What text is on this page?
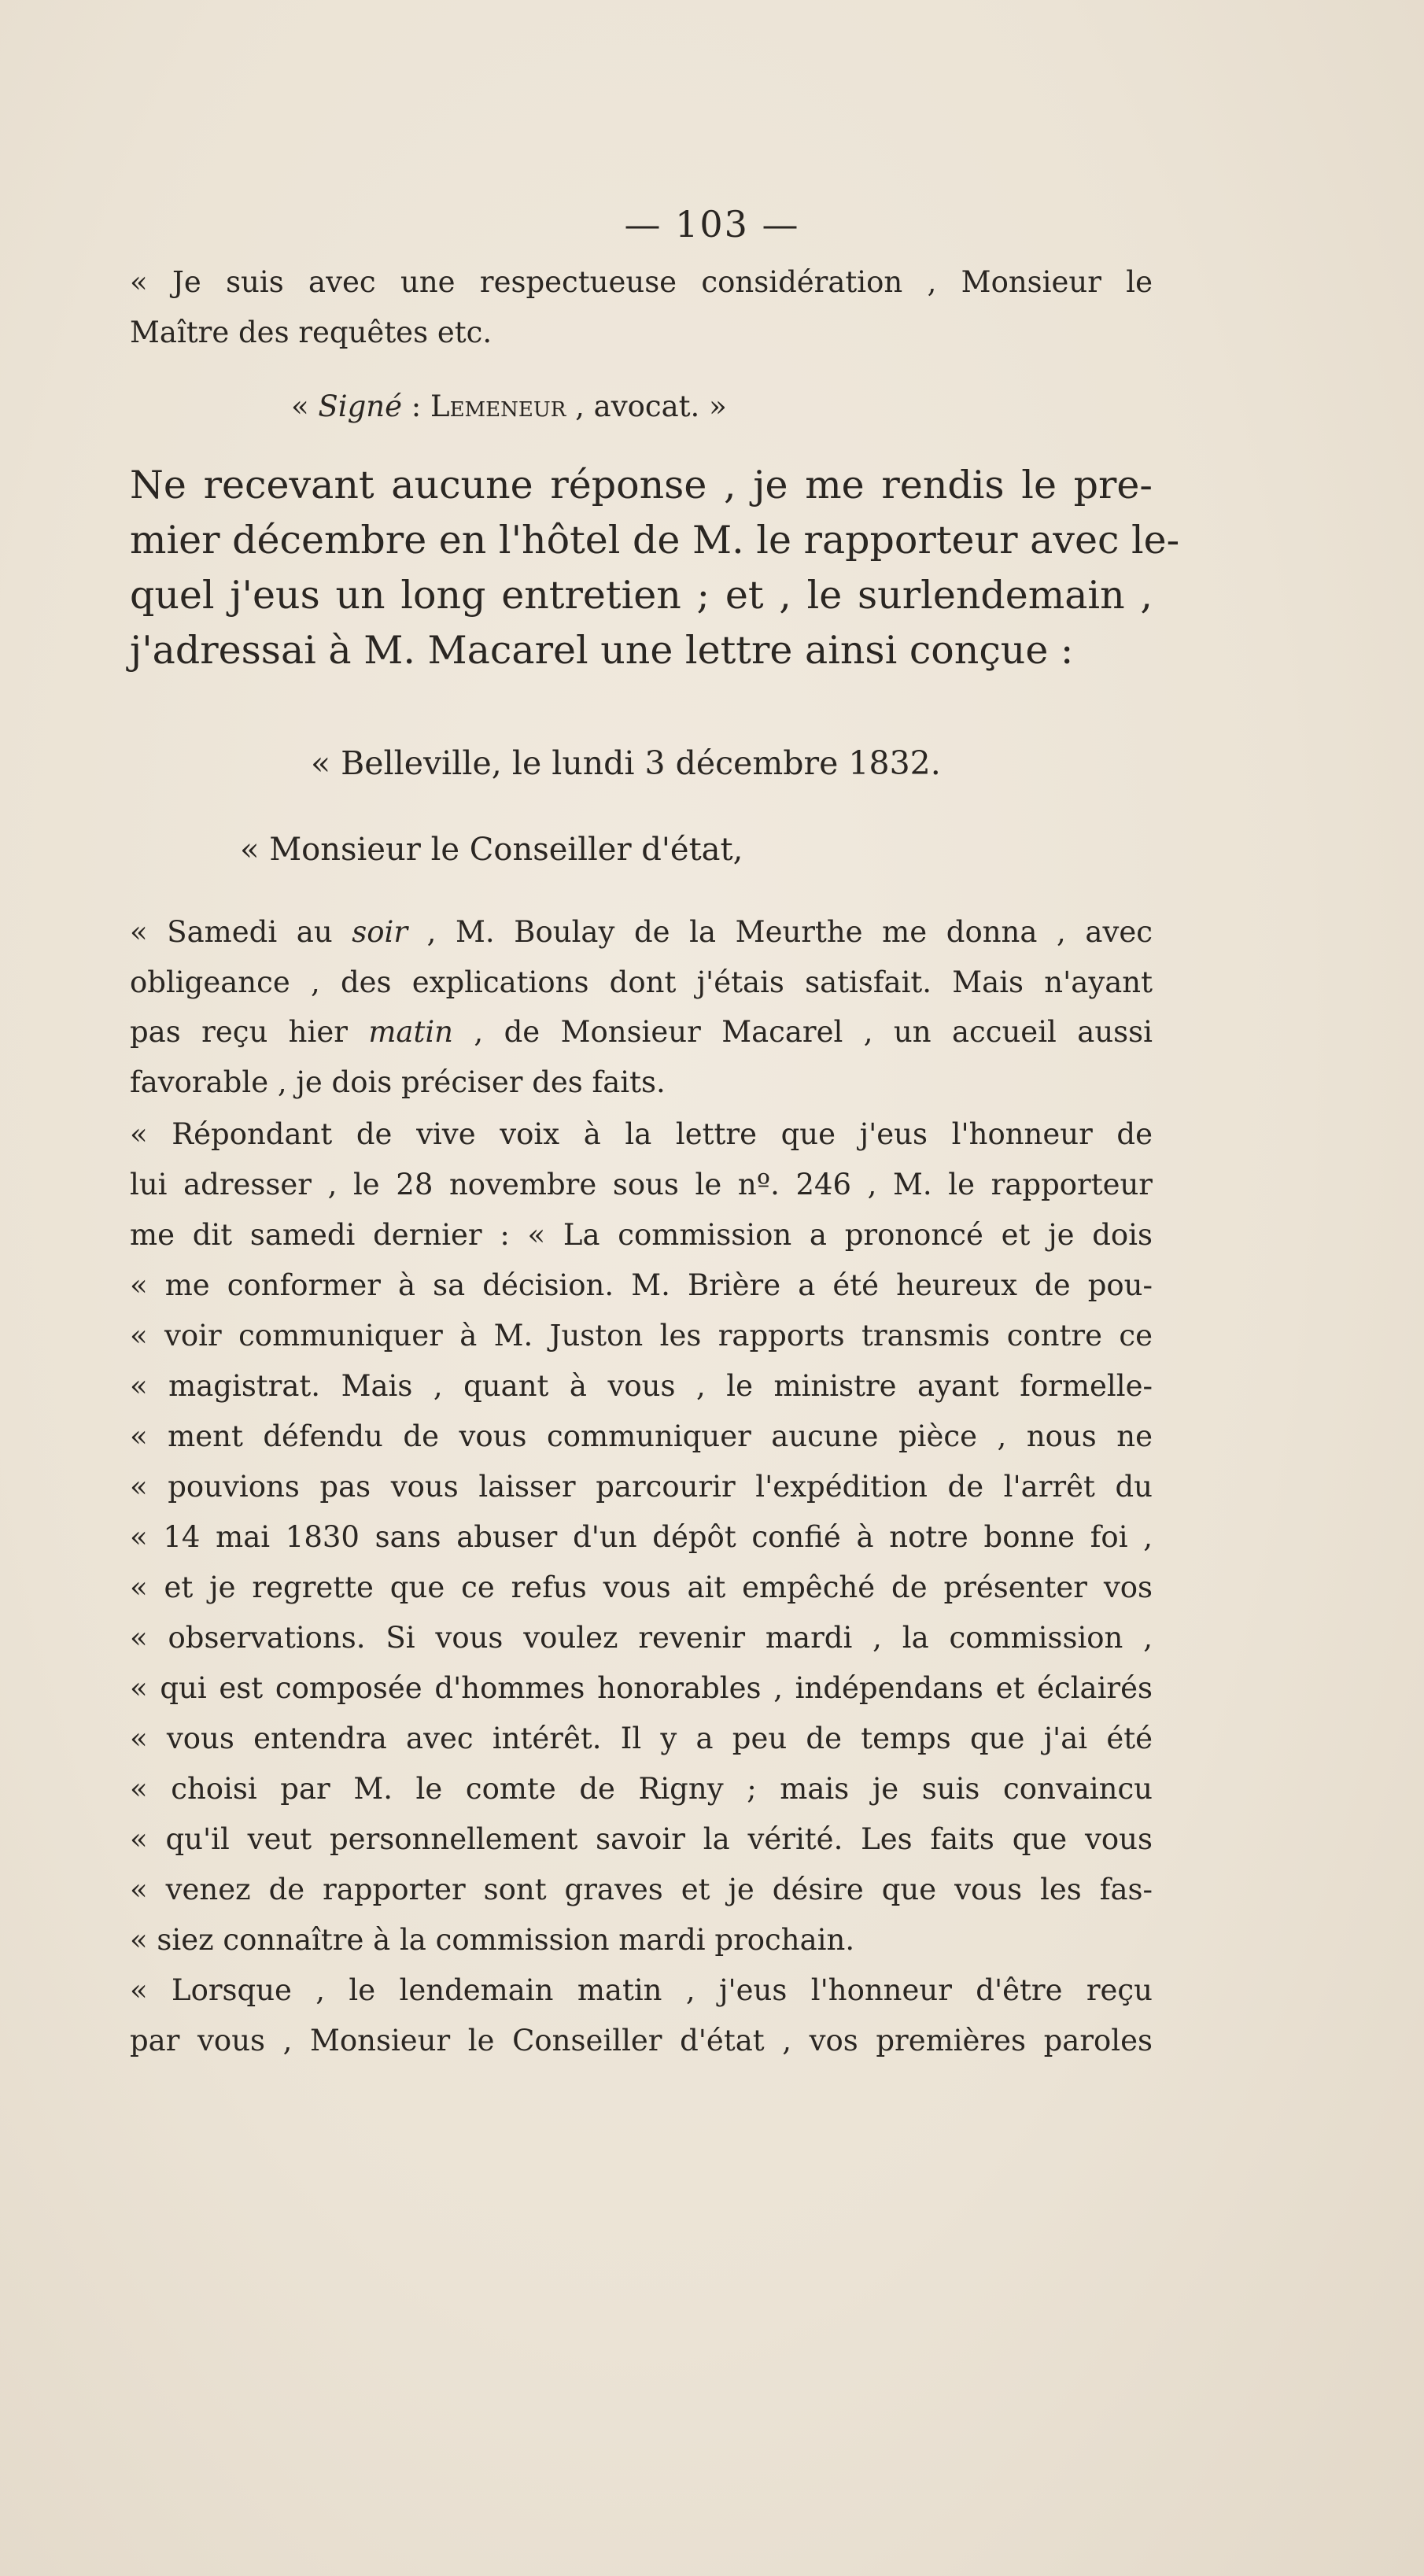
— 103 —
« Je suis avec une respectueuse considération , Monsieur le
Maître des requêtes etc.
« Signé : Lemeneur , avocat. »
Ne recevant aucune réponse , je me rendis le pre-
mier décembre en l'hôtel de M. le rapporteur avec le-
quel j'eus un long entretien ; et , le surlendemain ,
j'adressai à M. Macarel une lettre ainsi conçue :
« Belleville, le lundi 3 décembre 1832.
« Monsieur le Conseiller d'état,
« Samedi au soir , M. Boulay de la Meurthe me donna , avec
obligeance , des explications dont j'étais satisfait. Mais n'ayant
pas reçu hier matin , de Monsieur Macarel , un accueil aussi
favorable , je dois préciser des faits.
« Répondant de vive voix à la lettre que j'eus l'honneur de
lui adresser , le 28 novembre sous le nº. 246 , M. le rapporteur
me dit samedi dernier : « La commission a prononcé et je dois
« me conformer à sa décision. M. Brière a été heureux de pou-
« voir communiquer à M. Juston les rapports transmis contre ce
« magistrat. Mais , quant à vous , le ministre ayant formelle-
« ment défendu de vous communiquer aucune pièce , nous ne
« pouvions pas vous laisser parcourir l'expédition de l'arrêt du
« 14 mai 1830 sans abuser d'un dépôt confié à notre bonne foi ,
« et je regrette que ce refus vous ait empêché de présenter vos
« observations. Si vous voulez revenir mardi , la commission ,
« qui est composée d'hommes honorables , indépendans et éclairés
« vous entendra avec intérêt. Il y a peu de temps que j'ai été
« choisi par M. le comte de Rigny ; mais je suis convaincu
« qu'il veut personnellement savoir la vérité. Les faits que vous
« venez de rapporter sont graves et je désire que vous les fas-
« siez connaître à la commission mardi prochain.
« Lorsque , le lendemain matin , j'eus l'honneur d'être reçu
par vous , Monsieur le Conseiller d'état , vos premières paroles
